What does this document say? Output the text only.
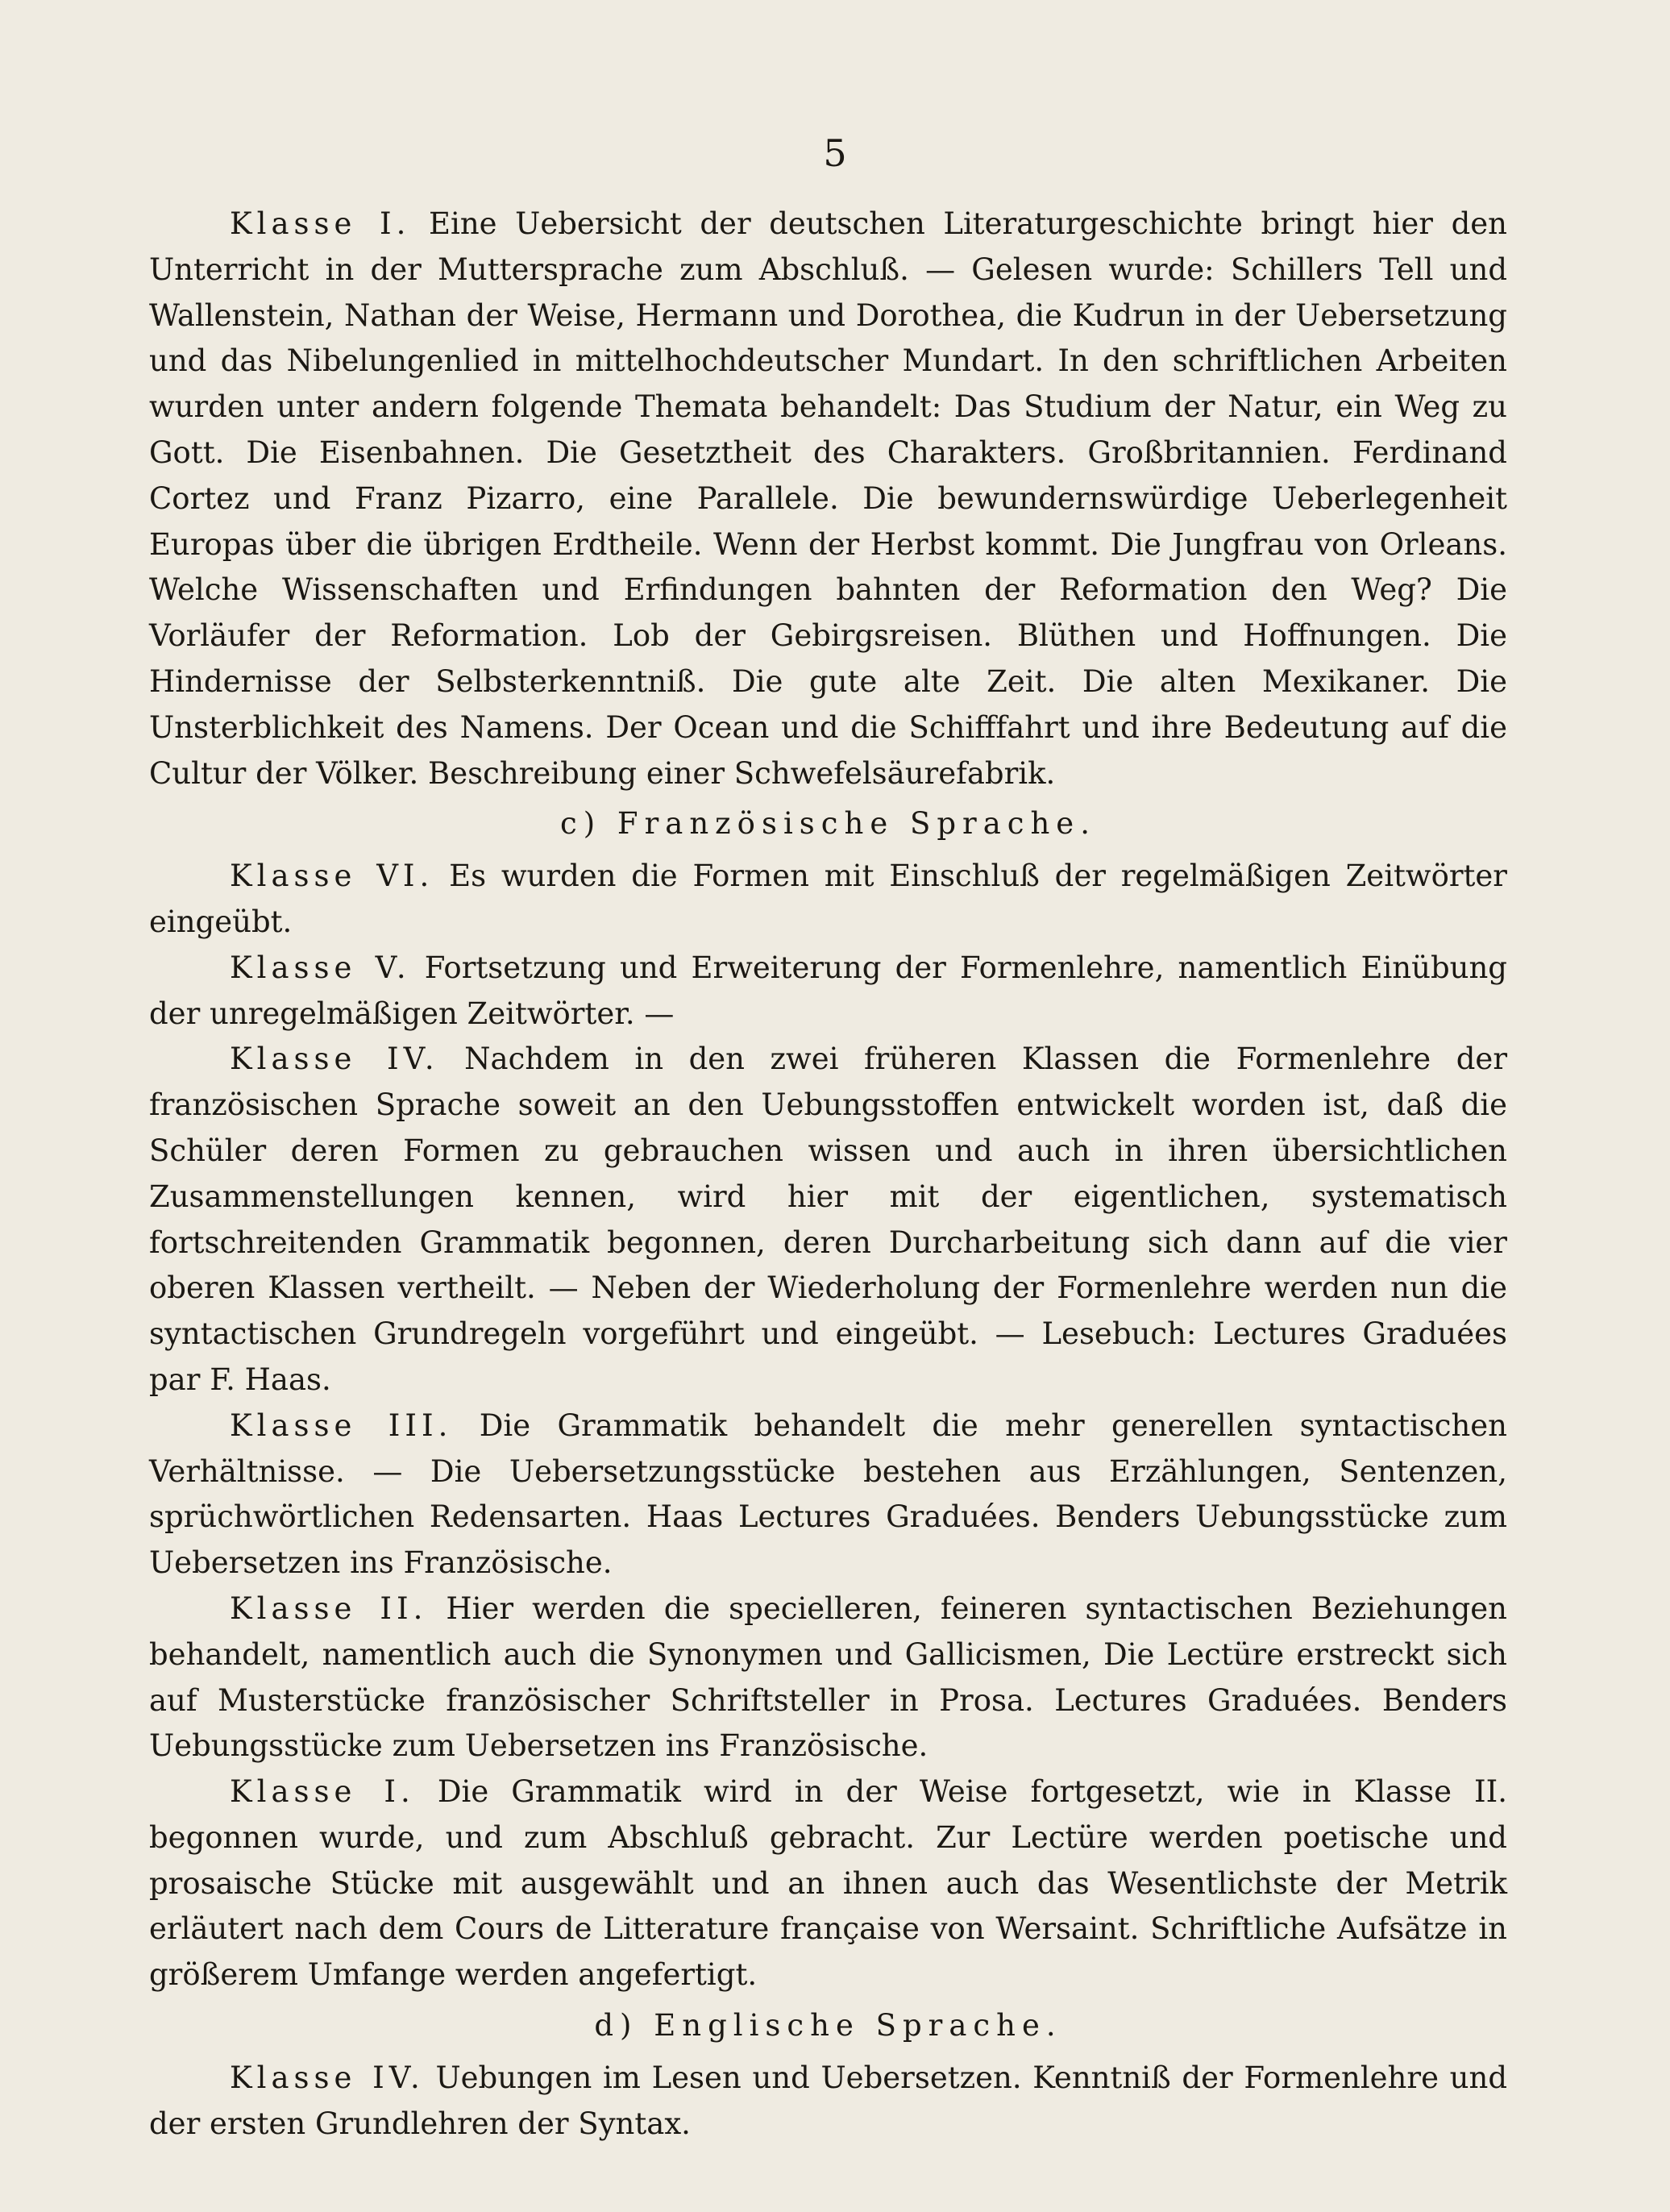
5

Klasse I. Eine Uebersicht der deutschen Literaturgeschichte bringt hier den Unterricht in der Muttersprache zum Abschluß. — Gelesen wurde: Schillers Tell und Wallenstein, Nathan der Weise, Hermann und Dorothea, die Kudrun in der Uebersetzung und das Nibelungenlied in mittelhochdeutscher Mundart. In den schriftlichen Arbeiten wurden unter andern folgende Themata behandelt: Das Studium der Natur, ein Weg zu Gott. Die Eisenbahnen. Die Gesetztheit des Charakters. Großbritannien. Ferdinand Cortez und Franz Pizarro, eine Parallele. Die bewundernswürdige Ueberlegenheit Europas über die übrigen Erdtheile. Wenn der Herbst kommt. Die Jungfrau von Orleans. Welche Wissenschaften und Erfindungen bahnten der Reformation den Weg? Die Vorläufer der Reformation. Lob der Gebirgsreisen. Blüthen und Hoffnungen. Die Hindernisse der Selbsterkenntniß. Die gute alte Zeit. Die alten Mexikaner. Die Unsterblichkeit des Namens. Der Ocean und die Schifffahrt und ihre Bedeutung auf die Cultur der Völker. Beschreibung einer Schwefelsäurefabrik.

c) Französische Sprache.

Klasse VI. Es wurden die Formen mit Einschluß der regelmäßigen Zeitwörter eingeübt.

Klasse V. Fortsetzung und Erweiterung der Formenlehre, namentlich Einübung der unregelmäßigen Zeitwörter. —

Klasse IV. Nachdem in den zwei früheren Klassen die Formenlehre der französischen Sprache soweit an den Uebungsstoffen entwickelt worden ist, daß die Schüler deren Formen zu gebrauchen wissen und auch in ihren übersichtlichen Zusammenstellungen kennen, wird hier mit der eigentlichen, systematisch fortschreitenden Grammatik begonnen, deren Durcharbeitung sich dann auf die vier oberen Klassen vertheilt. — Neben der Wiederholung der Formenlehre werden nun die syntactischen Grundregeln vorgeführt und eingeübt. — Lesebuch: Lectures Graduées par F. Haas.

Klasse III. Die Grammatik behandelt die mehr generellen syntactischen Verhältnisse. — Die Uebersetzungsstücke bestehen aus Erzählungen, Sentenzen, sprüchwörtlichen Redensarten. Haas Lectures Graduées. Benders Uebungsstücke zum Uebersetzen ins Französische.

Klasse II. Hier werden die specielleren, feineren syntactischen Beziehungen behandelt, namentlich auch die Synonymen und Gallicismen, Die Lectüre erstreckt sich auf Musterstücke französischer Schriftsteller in Prosa. Lectures Graduées. Benders Uebungsstücke zum Uebersetzen ins Französische.

Klasse I. Die Grammatik wird in der Weise fortgesetzt, wie in Klasse II. begonnen wurde, und zum Abschluß gebracht. Zur Lectüre werden poetische und prosaische Stücke mit ausgewählt und an ihnen auch das Wesentlichste der Metrik erläutert nach dem Cours de Litterature française von Wersaint. Schriftliche Aufsätze in größerem Umfange werden angefertigt.

d) Englische Sprache.

Klasse IV. Uebungen im Lesen und Uebersetzen. Kenntniß der Formenlehre und der ersten Grundlehren der Syntax.
